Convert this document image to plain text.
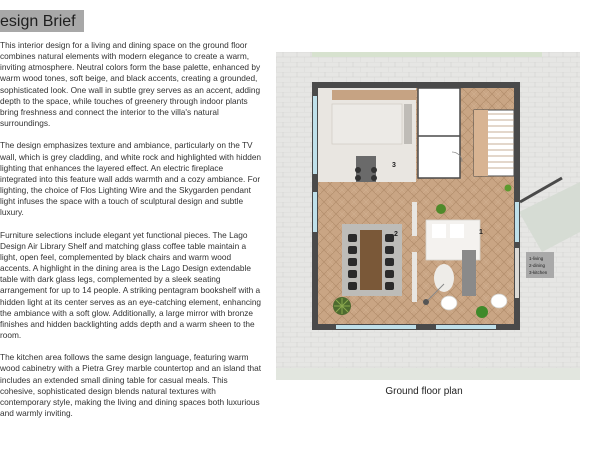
esign Brief

This interior design for a living and dining space on the ground floor combines natural elements with modern elegance to create a warm, inviting atmosphere. Neutral colors form the base palette, enhanced by warm wood tones, soft beige, and black accents, creating a grounded, sophisticated look. One wall in subtle grey serves as an accent, adding depth to the space, while touches of greenery through indoor plants bring freshness and connect the interior to the villa's natural surroundings.

The design emphasizes texture and ambiance, particularly on the TV wall, which is grey cladding, and white rock and highlighted with hidden lighting that enhances the layered effect. An electric fireplace integrated into this feature wall adds warmth and a cozy ambiance. For lighting, the choice of Flos Lighting Wire and the Skygarden pendant light infuses the space with a touch of sculptural design and subtle luxury.

Furniture selections include elegant yet functional pieces. The Lago Design Air Library Shelf and matching glass coffee table maintain a light, open feel, complemented by black chairs and warm wood accents. A highlight in the dining area is the Lago Design extendable table with dark glass legs, complemented by a sleek seating arrangement for up to 14 people. A striking pentagram bookshelf with a hidden light at its center serves as an eye-catching element, enhancing the ambiance with a soft glow. Additionally, a large mirror with bronze finishes and hidden backlighting adds depth and a warm sheen to the room.

The kitchen area follows the same design language, featuring warm wood cabinetry with a Pietra Grey marble countertop and an island that includes an extended small dining table for casual meals. This cohesive, sophisticated design blends natural textures with contemporary style, making the living and dining spaces both luxurious and warmly inviting.

3
2	1
1-living
2-dining
3-kitchen
Ground floor plan
